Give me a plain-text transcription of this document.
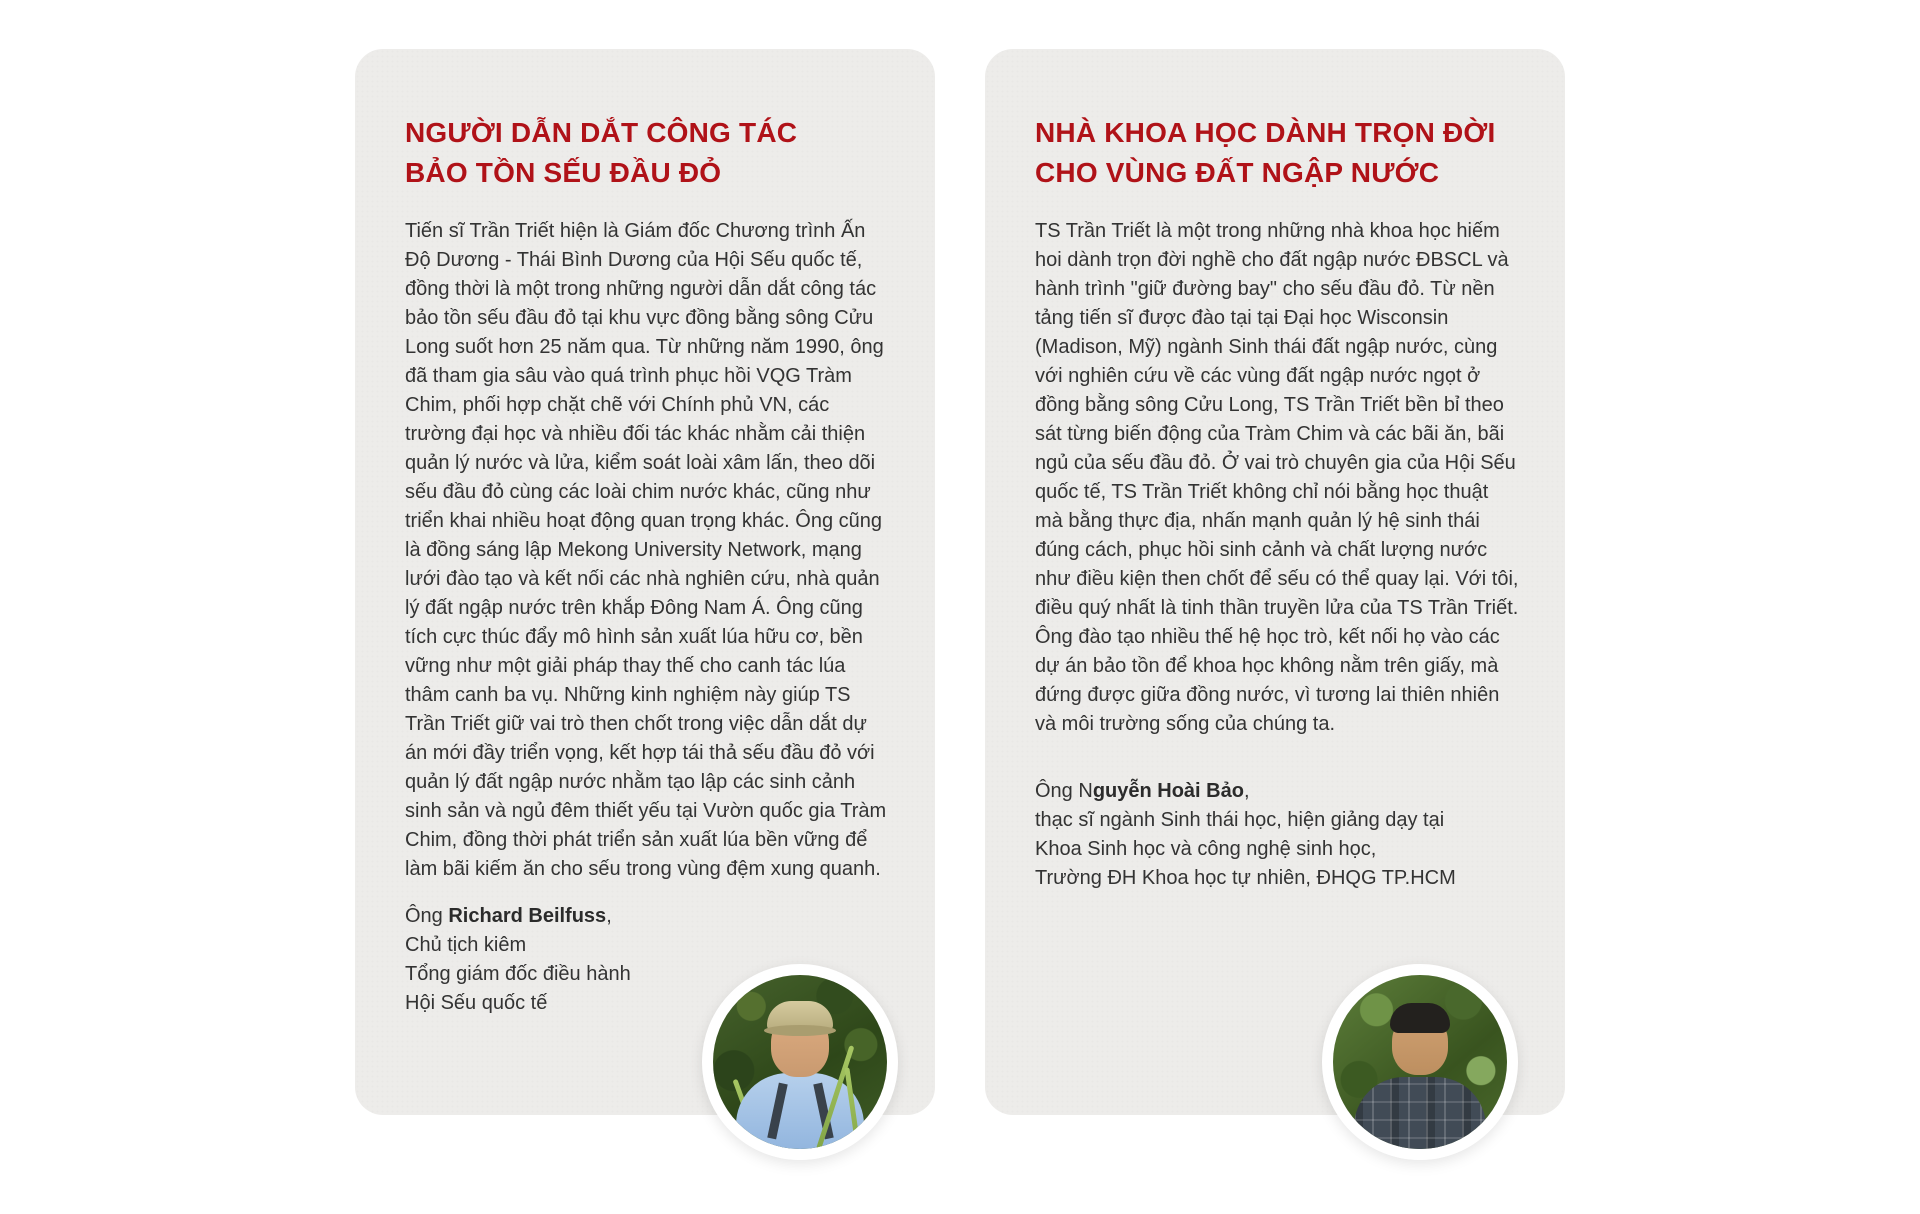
NGƯỜI DẪN DẮT CÔNG TÁC
BẢO TỒN SẾU ĐẦU ĐỎ

Tiến sĩ Trần Triết hiện là Giám đốc Chương trình Ấn Độ Dương - Thái Bình Dương của Hội Sếu quốc tế, đồng thời là một trong những người dẫn dắt công tác bảo tồn sếu đầu đỏ tại khu vực đồng bằng sông Cửu Long suốt hơn 25 năm qua. Từ những năm 1990, ông đã tham gia sâu vào quá trình phục hồi VQG Tràm Chim, phối hợp chặt chẽ với Chính phủ VN, các trường đại học và nhiều đối tác khác nhằm cải thiện quản lý nước và lửa, kiểm soát loài xâm lấn, theo dõi sếu đầu đỏ cùng các loài chim nước khác, cũng như triển khai nhiều hoạt động quan trọng khác. Ông cũng là đồng sáng lập Mekong University Network, mạng lưới đào tạo và kết nối các nhà nghiên cứu, nhà quản lý đất ngập nước trên khắp Đông Nam Á. Ông cũng tích cực thúc đẩy mô hình sản xuất lúa hữu cơ, bền vững như một giải pháp thay thế cho canh tác lúa thâm canh ba vụ. Những kinh nghiệm này giúp TS Trần Triết giữ vai trò then chốt trong việc dẫn dắt dự án mới đầy triển vọng, kết hợp tái thả sếu đầu đỏ với quản lý đất ngập nước nhằm tạo lập các sinh cảnh sinh sản và ngủ đêm thiết yếu tại Vườn quốc gia Tràm Chim, đồng thời phát triển sản xuất lúa bền vững để làm bãi kiếm ăn cho sếu trong vùng đệm xung quanh.

Ông Richard Beilfuss,
Chủ tịch kiêm
Tổng giám đốc điều hành
Hội Sếu quốc tế
NHÀ KHOA HỌC DÀNH TRỌN ĐỜI
CHO VÙNG ĐẤT NGẬP NƯỚC

TS Trần Triết là một trong những nhà khoa học hiếm hoi dành trọn đời nghề cho đất ngập nước ĐBSCL và hành trình "giữ đường bay" cho sếu đầu đỏ. Từ nền tảng tiến sĩ được đào tại tại Đại học Wisconsin (Madison, Mỹ) ngành Sinh thái đất ngập nước, cùng với nghiên cứu về các vùng đất ngập nước ngọt ở đồng bằng sông Cửu Long, TS Trần Triết bền bỉ theo sát từng biến động của Tràm Chim và các bãi ăn, bãi ngủ của sếu đầu đỏ. Ở vai trò chuyên gia của Hội Sếu quốc tế, TS Trần Triết không chỉ nói bằng học thuật mà bằng thực địa, nhấn mạnh quản lý hệ sinh thái đúng cách, phục hồi sinh cảnh và chất lượng nước như điều kiện then chốt để sếu có thể quay lại. Với tôi, điều quý nhất là tinh thần truyền lửa của TS Trần Triết. Ông đào tạo nhiều thế hệ học trò, kết nối họ vào các dự án bảo tồn để khoa học không nằm trên giấy, mà đứng được giữa đồng nước, vì tương lai thiên nhiên và môi trường sống của chúng ta.

Ông Nguyễn Hoài Bảo,
thạc sĩ ngành Sinh thái học, hiện giảng dạy tại
Khoa Sinh học và công nghệ sinh học,
Trường ĐH Khoa học tự nhiên, ĐHQG TP.HCM
